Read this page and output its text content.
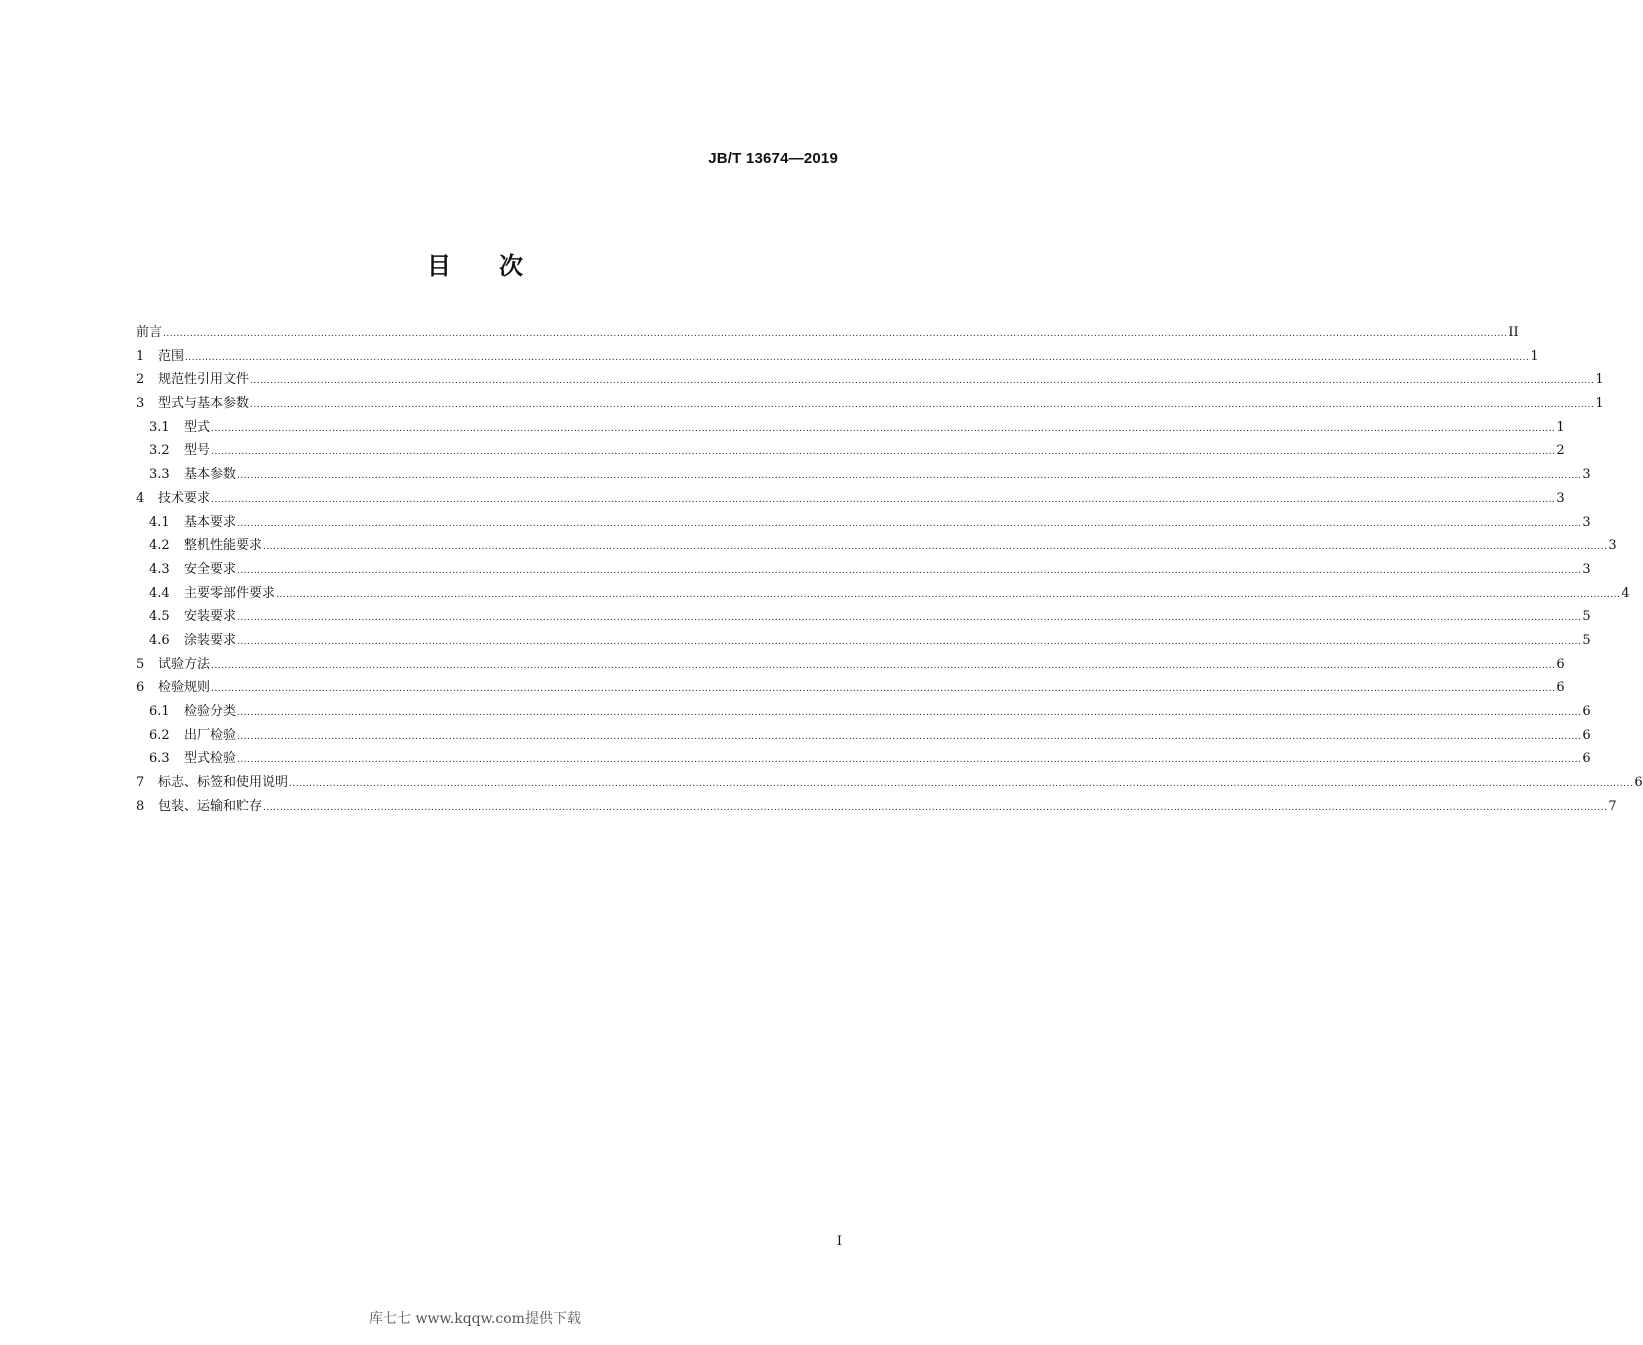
JB/T 13674—2019
目 次
前言 ................................................................................................................................................................................................................................................................................................................................................................................................................ II
1	范围 ................................................................................................................................................................................................................................................................................................................................................................................................................ 1
2	规范性引用文件 ................................................................................................................................................................................................................................................................................................................................................................................................................ 1
3	型式与基本参数 ................................................................................................................................................................................................................................................................................................................................................................................................................ 1
3.1	型式 ................................................................................................................................................................................................................................................................................................................................................................................................................ 1
3.2	型号 ................................................................................................................................................................................................................................................................................................................................................................................................................ 2
3.3	基本参数 ................................................................................................................................................................................................................................................................................................................................................................................................................ 3
4	技术要求 ................................................................................................................................................................................................................................................................................................................................................................................................................ 3
4.1	基本要求 ................................................................................................................................................................................................................................................................................................................................................................................................................ 3
4.2	整机性能要求 ................................................................................................................................................................................................................................................................................................................................................................................................................ 3
4.3	安全要求 ................................................................................................................................................................................................................................................................................................................................................................................................................ 3
4.4	主要零部件要求 ................................................................................................................................................................................................................................................................................................................................................................................................................ 4
4.5	安装要求 ................................................................................................................................................................................................................................................................................................................................................................................................................ 5
4.6	涂装要求 ................................................................................................................................................................................................................................................................................................................................................................................................................ 5
5	试验方法 ................................................................................................................................................................................................................................................................................................................................................................................................................ 6
6	检验规则 ................................................................................................................................................................................................................................................................................................................................................................................................................ 6
6.1	检验分类 ................................................................................................................................................................................................................................................................................................................................................................................................................ 6
6.2	出厂检验 ................................................................................................................................................................................................................................................................................................................................................................................................................ 6
6.3	型式检验 ................................................................................................................................................................................................................................................................................................................................................................................................................ 6
7	标志、标签和使用说明 ................................................................................................................................................................................................................................................................................................................................................................................................................ 6
8	包装、运输和贮存 ................................................................................................................................................................................................................................................................................................................................................................................................................ 7
I
库七七 www.kqqw.com提供下载
